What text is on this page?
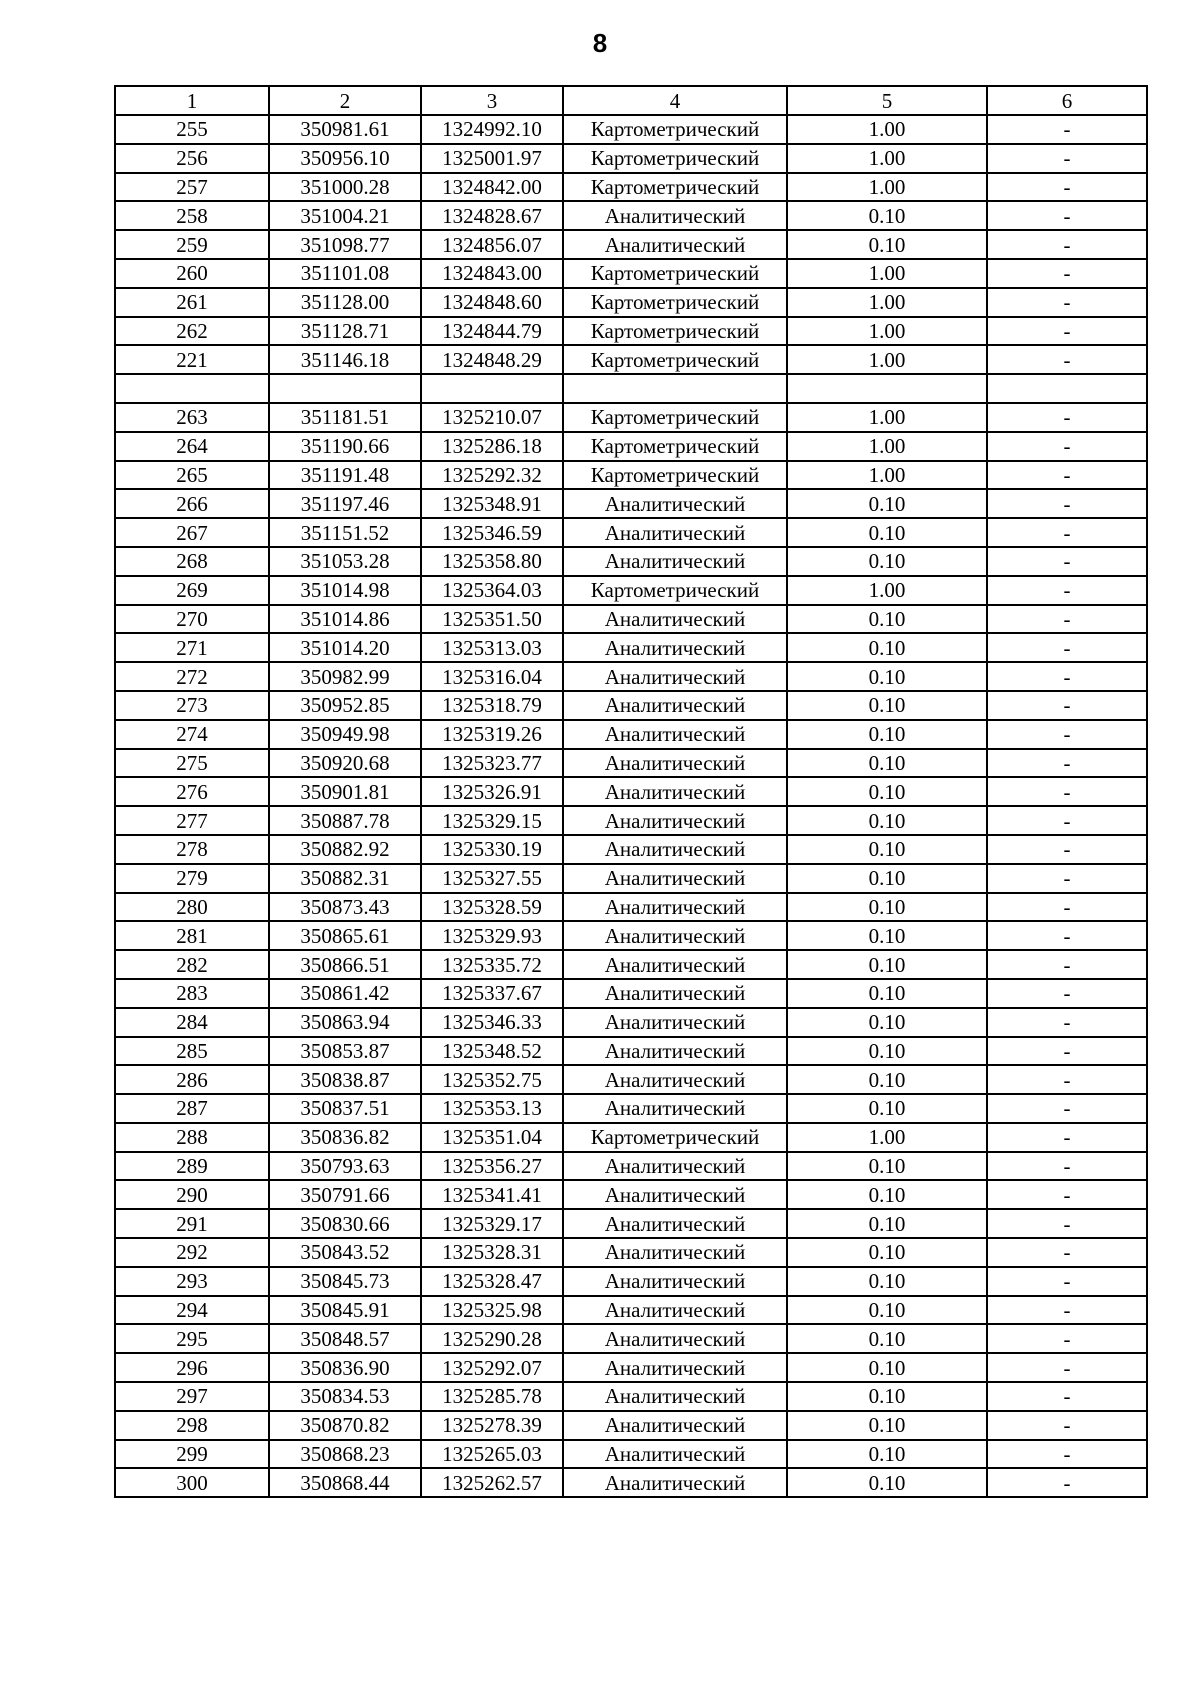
8
1	2	3	4	5	6
255	350981.61	1324992.10	Картометрический	1.00	-
256	350956.10	1325001.97	Картометрический	1.00	-
257	351000.28	1324842.00	Картометрический	1.00	-
258	351004.21	1324828.67	Аналитический	0.10	-
259	351098.77	1324856.07	Аналитический	0.10	-
260	351101.08	1324843.00	Картометрический	1.00	-
261	351128.00	1324848.60	Картометрический	1.00	-
262	351128.71	1324844.79	Картометрический	1.00	-
221	351146.18	1324848.29	Картометрический	1.00	-

263	351181.51	1325210.07	Картометрический	1.00	-
264	351190.66	1325286.18	Картометрический	1.00	-
265	351191.48	1325292.32	Картометрический	1.00	-
266	351197.46	1325348.91	Аналитический	0.10	-
267	351151.52	1325346.59	Аналитический	0.10	-
268	351053.28	1325358.80	Аналитический	0.10	-
269	351014.98	1325364.03	Картометрический	1.00	-
270	351014.86	1325351.50	Аналитический	0.10	-
271	351014.20	1325313.03	Аналитический	0.10	-
272	350982.99	1325316.04	Аналитический	0.10	-
273	350952.85	1325318.79	Аналитический	0.10	-
274	350949.98	1325319.26	Аналитический	0.10	-
275	350920.68	1325323.77	Аналитический	0.10	-
276	350901.81	1325326.91	Аналитический	0.10	-
277	350887.78	1325329.15	Аналитический	0.10	-
278	350882.92	1325330.19	Аналитический	0.10	-
279	350882.31	1325327.55	Аналитический	0.10	-
280	350873.43	1325328.59	Аналитический	0.10	-
281	350865.61	1325329.93	Аналитический	0.10	-
282	350866.51	1325335.72	Аналитический	0.10	-
283	350861.42	1325337.67	Аналитический	0.10	-
284	350863.94	1325346.33	Аналитический	0.10	-
285	350853.87	1325348.52	Аналитический	0.10	-
286	350838.87	1325352.75	Аналитический	0.10	-
287	350837.51	1325353.13	Аналитический	0.10	-
288	350836.82	1325351.04	Картометрический	1.00	-
289	350793.63	1325356.27	Аналитический	0.10	-
290	350791.66	1325341.41	Аналитический	0.10	-
291	350830.66	1325329.17	Аналитический	0.10	-
292	350843.52	1325328.31	Аналитический	0.10	-
293	350845.73	1325328.47	Аналитический	0.10	-
294	350845.91	1325325.98	Аналитический	0.10	-
295	350848.57	1325290.28	Аналитический	0.10	-
296	350836.90	1325292.07	Аналитический	0.10	-
297	350834.53	1325285.78	Аналитический	0.10	-
298	350870.82	1325278.39	Аналитический	0.10	-
299	350868.23	1325265.03	Аналитический	0.10	-
300	350868.44	1325262.57	Аналитический	0.10	-
